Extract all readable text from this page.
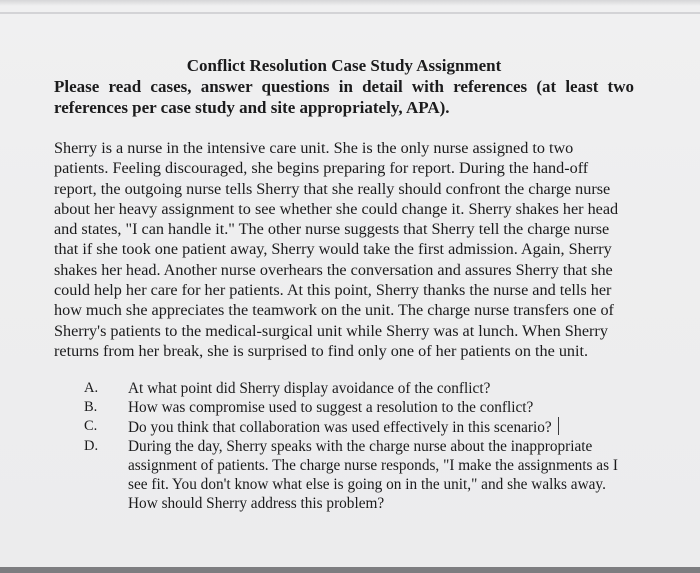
Conflict Resolution Case Study Assignment

Please read cases, answer questions in detail with references (at least two references per case study and site appropriately, APA).

Sherry is a nurse in the intensive care unit. She is the only nurse assigned to two patients. Feeling discouraged, she begins preparing for report. During the hand-off report, the outgoing nurse tells Sherry that she really should confront the charge nurse about her heavy assignment to see whether she could change it. Sherry shakes her head and states, "I can handle it." The other nurse suggests that Sherry tell the charge nurse that if she took one patient away, Sherry would take the first admission. Again, Sherry shakes her head. Another nurse overhears the conversation and assures Sherry that she could help her care for her patients. At this point, Sherry thanks the nurse and tells her how much she appreciates the teamwork on the unit. The charge nurse transfers one of Sherry's patients to the medical-surgical unit while Sherry was at lunch. When Sherry returns from her break, she is surprised to find only one of her patients on the unit.

A.	At what point did Sherry display avoidance of the conflict?
B.	How was compromise used to suggest a resolution to the conflict?
C.	Do you think that collaboration was used effectively in this scenario?
D.	During the day, Sherry speaks with the charge nurse about the inappropriate assignment of patients. The charge nurse responds, "I make the assignments as I see fit. You don't know what else is going on in the unit," and she walks away. How should Sherry address this problem?
